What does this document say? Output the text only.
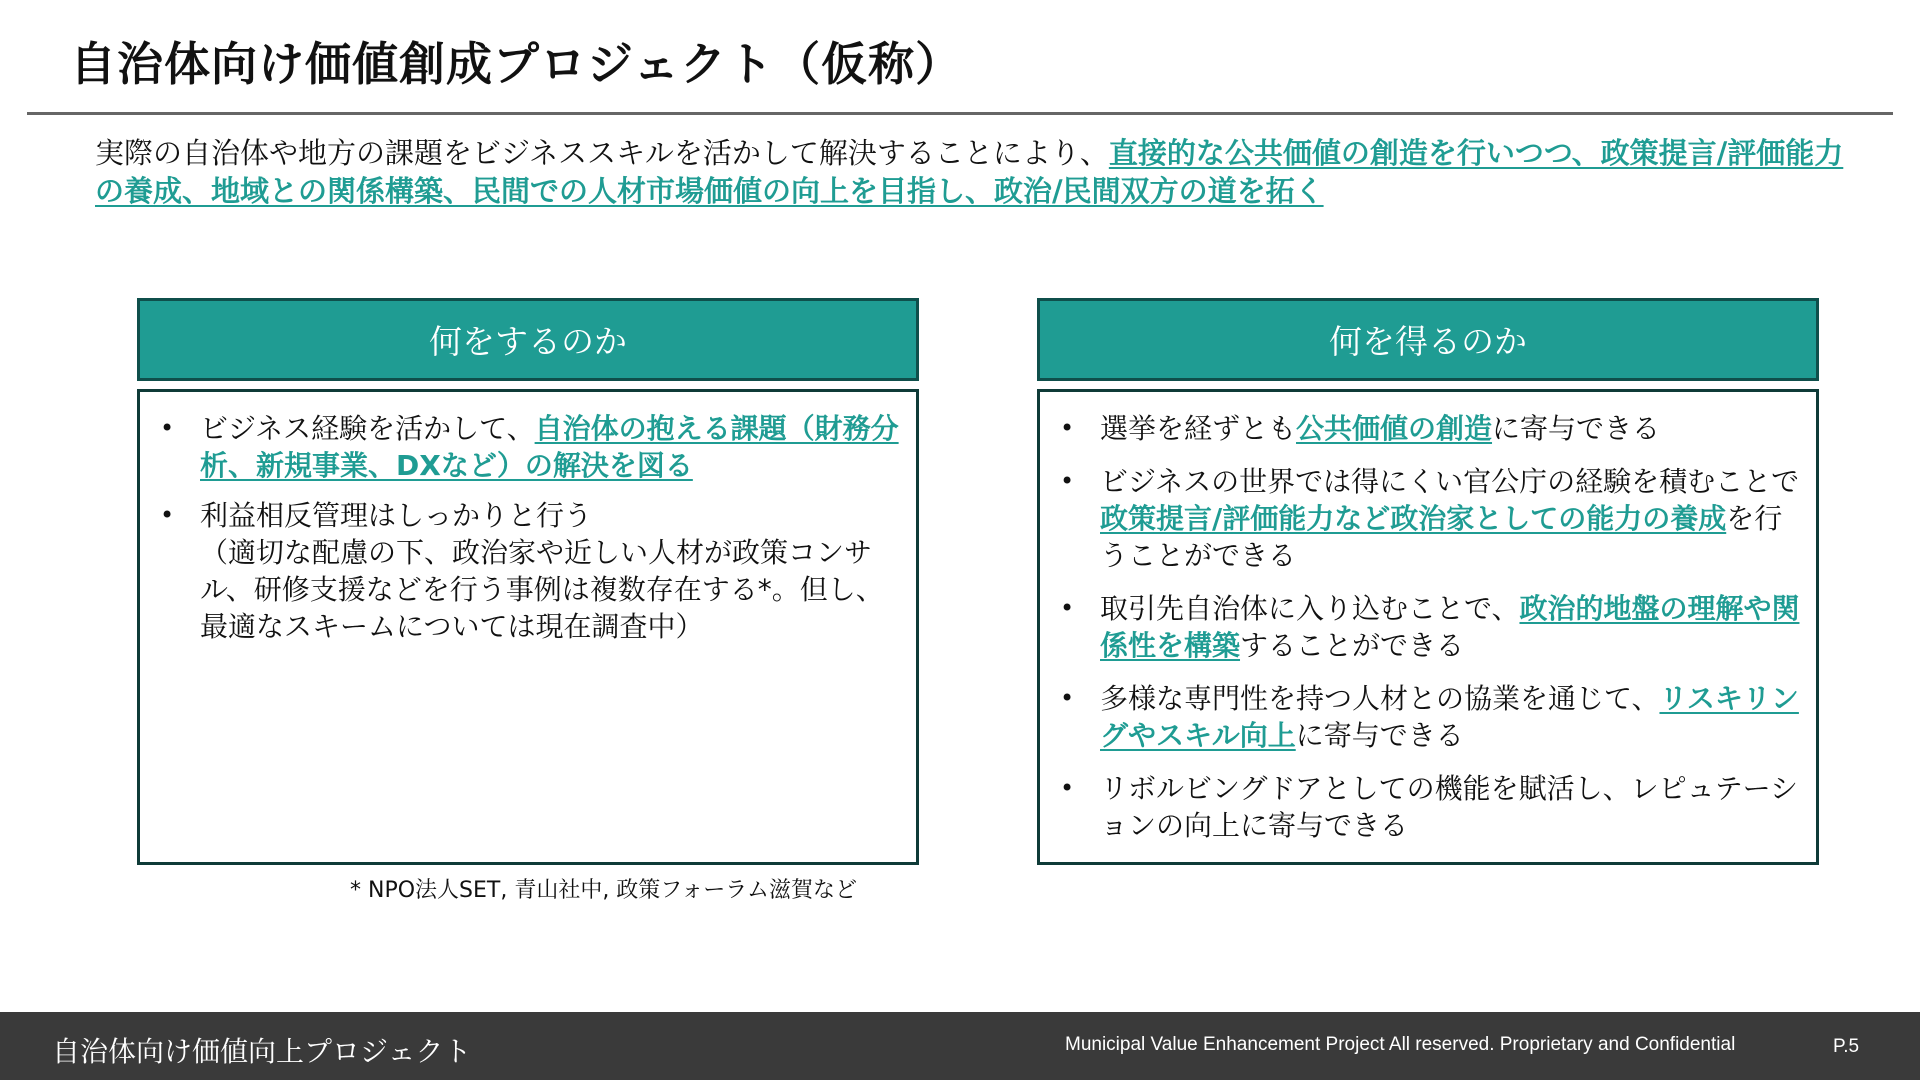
自治体向け価値創成プロジェクト（仮称）
実際の自治体や地方の課題をビジネススキルを活かして解決することにより、直接的な公共価値の創造を行いつつ、政策提言/評価能力の養成、地域との関係構築、民間での人材市場価値の向上を目指し、政治/民間双方の道を拓く
何をするのか
• ビジネス経験を活かして、自治体の抱える課題（財務分析、新規事業、DXなど）の解決を図る
• 利益相反管理はしっかりと行う
（適切な配慮の下、政治家や近しい人材が政策コンサル、研修支援などを行う事例は複数存在する*。但し、最適なスキームについては現在調査中）
* NPO法人SET, 青山社中, 政策フォーラム滋賀など
何を得るのか
• 選挙を経ずとも公共価値の創造に寄与できる
• ビジネスの世界では得にくい官公庁の経験を積むことで政策提言/評価能力など政治家としての能力の養成を行うことができる
• 取引先自治体に入り込むことで、政治的地盤の理解や関係性を構築することができる
• 多様な専門性を持つ人材との協業を通じて、リスキリングやスキル向上に寄与できる
• リボルビングドアとしての機能を賦活し、レピュテーションの向上に寄与できる
自治体向け価値向上プロジェクト	Municipal Value Enhancement Project All reserved. Proprietary and Confidential	P.5
